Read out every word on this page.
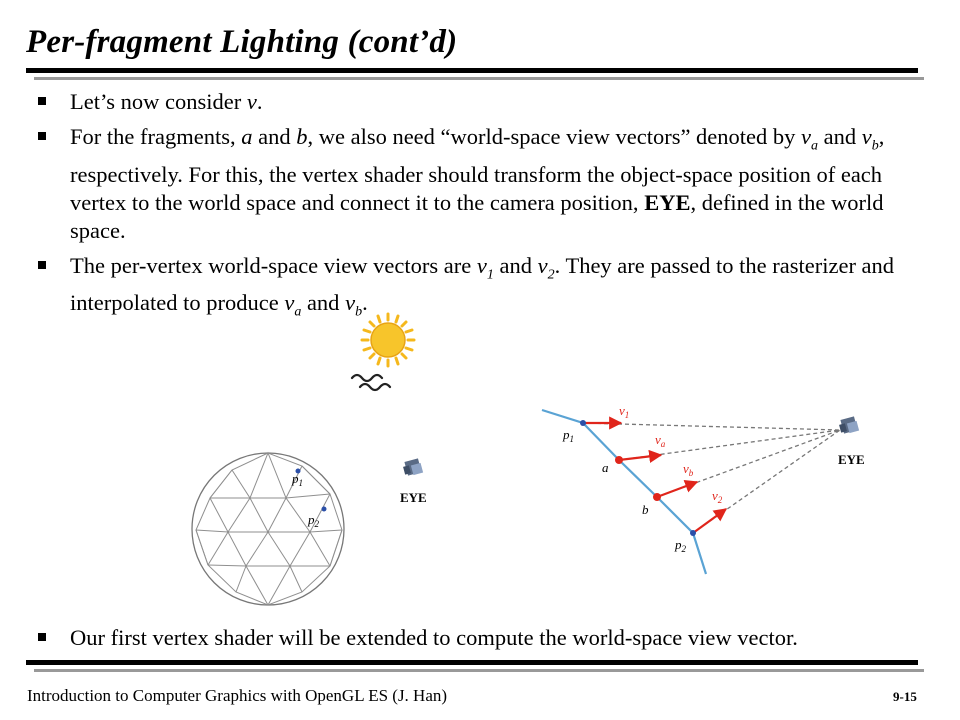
Per-fragment Lighting (cont’d)
Let’s now consider v.
For the fragments, a and b, we also need “world-space view vectors” denoted by $v_a$ and $v_b$, respectively. For this, the vertex shader should transform the object-space position of each vertex to the world space and connect it to the camera position, EYE, defined in the world space.
The per-vertex world-space view vectors are $v_1$ and $v_2$. They are passed to the rasterizer and interpolated to produce $v_a$ and $v_b$.
$p_1$
$p_2$
EYE
$v_1$
$v_a$
$v_b$
$v_2$
$p_1$
a
b
$p_2$
EYE
Our first vertex shader will be extended to compute the world-space view vector.
Introduction to Computer Graphics with OpenGL ES (J. Han)	9-15
